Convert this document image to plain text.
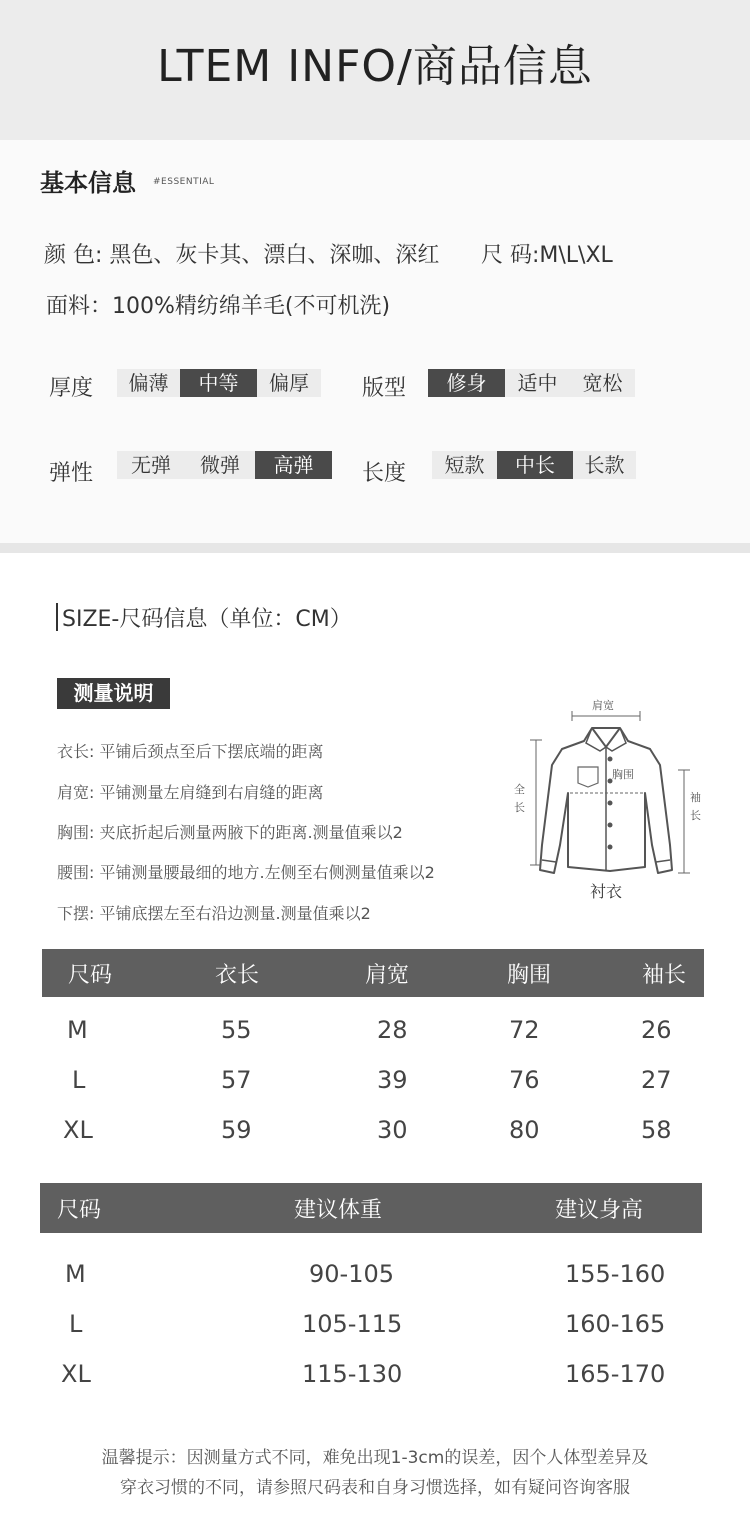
LTEM INFO/商品信息
基本信息 #ESSENTIAL
颜 色: 黑色、灰卡其、漂白、深咖、深红 尺 码:M\L\XL
面料：100%精纺绵羊毛(不可机洗)
厚度	偏薄	中等	偏厚	版型	修身	适中	宽松
弹性	无弹	微弹	高弹	长度	短款	中长	长款
SIZE-尺码信息（单位：CM）
测量说明
衣长: 平铺后颈点至后下摆底端的距离
肩宽: 平铺测量左肩缝到右肩缝的距离
胸围: 夹底折起后测量两腋下的距离.测量值乘以2
腰围: 平铺测量腰最细的地方.左侧至右侧测量值乘以2
下摆: 平铺底摆左至右沿边测量.测量值乘以2
肩宽
胸围
全
长
袖
长
衬衣
尺码	衣长	肩宽	胸围	袖长
M	55	28	72	26
L	57	39	76	27
XL	59	30	80	58
尺码	建议体重	建议身高
M	90-105	155-160
L	105-115	160-165
XL	115-130	165-170
温馨提示：因测量方式不同，难免出现1-3cm的误差，因个人体型差异及
穿衣习惯的不同，请参照尺码表和自身习惯选择，如有疑问咨询客服
